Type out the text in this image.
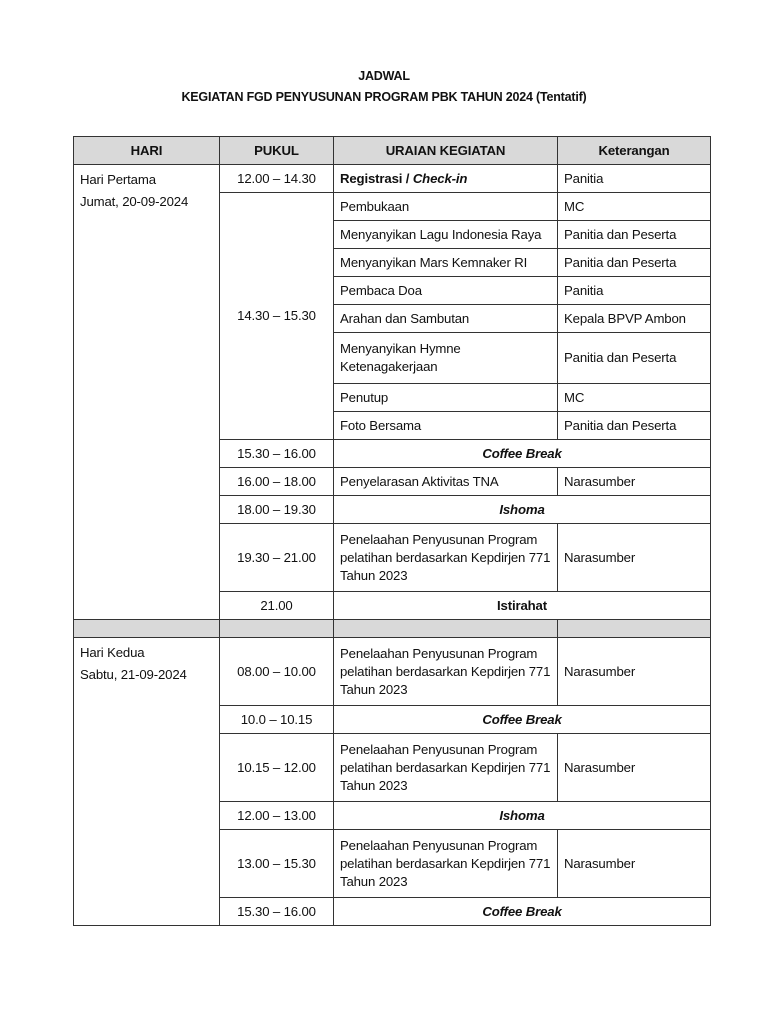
JADWAL
KEGIATAN FGD PENYUSUNAN PROGRAM PBK TAHUN 2024 (Tentatif)
HARI	PUKUL	URAIAN KEGIATAN	Keterangan

Hari Pertama
Jumat, 20-09-2024	12.00 – 14.30	Registrasi / Check-in	Panitia
	14.30 – 15.30	Pembukaan	MC
		Menyanyikan Lagu Indonesia Raya	Panitia dan Peserta
		Menyanyikan Mars Kemnaker RI	Panitia dan Peserta
		Pembaca Doa	Panitia
		Arahan dan Sambutan	Kepala BPVP Ambon
		Menyanyikan Hymne Ketenagakerjaan	Panitia dan Peserta
		Penutup	MC
		Foto Bersama	Panitia dan Peserta
	15.30 – 16.00	Coffee Break	
	16.00 – 18.00	Penyelarasan Aktivitas TNA	Narasumber
	18.00 – 19.30	Ishoma	
	19.30 – 21.00	Penelaahan Penyusunan Program pelatihan berdasarkan Kepdirjen 771 Tahun 2023	Narasumber
	21.00	Istirahat	

Hari Kedua
Sabtu, 21-09-2024	08.00 – 10.00	Penelaahan Penyusunan Program pelatihan berdasarkan Kepdirjen 771 Tahun 2023	Narasumber
	10.0 – 10.15	Coffee Break	
	10.15 – 12.00	Penelaahan Penyusunan Program pelatihan berdasarkan Kepdirjen 771 Tahun 2023	Narasumber
	12.00 – 13.00	Ishoma	
	13.00 – 15.30	Penelaahan Penyusunan Program pelatihan berdasarkan Kepdirjen 771 Tahun 2023	Narasumber
	15.30 – 16.00	Coffee Break	
